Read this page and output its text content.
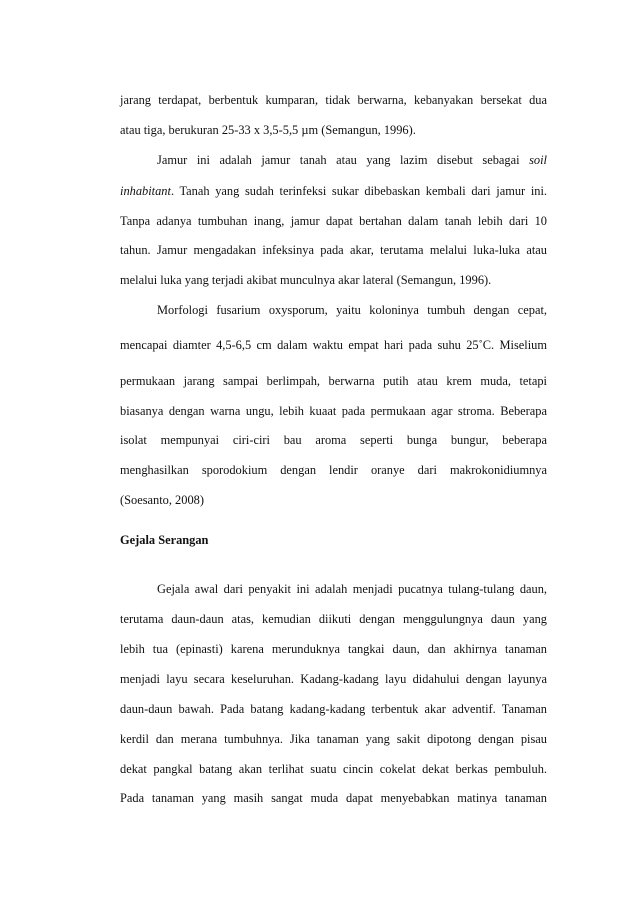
jarang terdapat, berbentuk kumparan, tidak berwarna, kebanyakan bersekat dua
atau tiga, berukuran 25-33 x 3,5-5,5 µm (Semangun, 1996).
Jamur ini adalah jamur tanah atau yang lazim disebut sebagai soil
inhabitant. Tanah yang sudah terinfeksi sukar dibebaskan kembali dari jamur ini.
Tanpa adanya tumbuhan inang, jamur dapat bertahan dalam tanah lebih dari 10
tahun. Jamur mengadakan infeksinya pada akar, terutama melalui luka-luka atau
melalui luka yang terjadi akibat munculnya akar lateral (Semangun, 1996).
Morfologi fusarium oxysporum, yaitu koloninya tumbuh dengan cepat,
mencapai diamter 4,5-6,5 cm dalam waktu empat hari pada suhu 25˚C. Miselium
permukaan jarang sampai berlimpah, berwarna putih atau krem muda, tetapi
biasanya dengan warna ungu, lebih kuaat pada permukaan agar stroma. Beberapa
isolat mempunyai ciri-ciri bau aroma seperti bunga bungur, beberapa
menghasilkan sporodokium dengan lendir oranye dari makrokonidiumnya
(Soesanto, 2008)
Gejala Serangan
Gejala awal dari penyakit ini adalah menjadi pucatnya tulang-tulang daun,
terutama daun-daun atas, kemudian diikuti dengan menggulungnya daun yang
lebih tua (epinasti) karena merunduknya tangkai daun, dan akhirnya tanaman
menjadi layu secara keseluruhan. Kadang-kadang layu didahului dengan layunya
daun-daun bawah. Pada batang kadang-kadang terbentuk akar adventif. Tanaman
kerdil dan merana tumbuhnya. Jika tanaman yang sakit dipotong dengan pisau
dekat pangkal batang akan terlihat suatu cincin cokelat dekat berkas pembuluh.
Pada tanaman yang masih sangat muda dapat menyebabkan matinya tanaman
